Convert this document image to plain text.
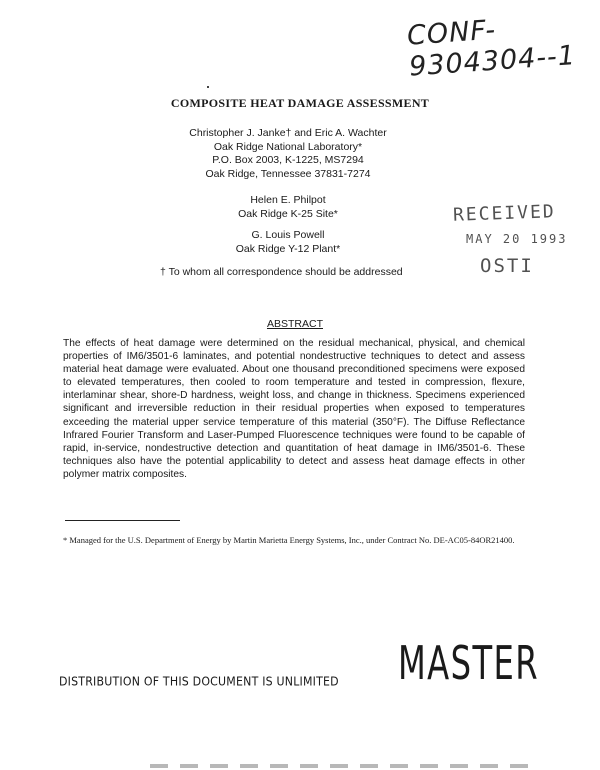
CONF-9304304--1
COMPOSITE HEAT DAMAGE ASSESSMENT
Christopher J. Janke† and Eric A. Wachter
Oak Ridge National Laboratory*
P.O. Box 2003, K-1225, MS7294
Oak Ridge, Tennessee 37831-7274
Helen E. Philpot
Oak Ridge K-25 Site*
G. Louis Powell
Oak Ridge Y-12 Plant*
RECEIVED
MAY 20 1993
OSTI
† To whom all correspondence should be addressed
ABSTRACT

The effects of heat damage were determined on the residual mechanical, physical, and chemical properties of IM6/3501-6 laminates, and potential nondestructive techniques to detect and assess material heat damage were evaluated. About one thousand preconditioned specimens were exposed to elevated temperatures, then cooled to room temperature and tested in compression, flexure, interlaminar shear, shore-D hardness, weight loss, and change in thickness. Specimens experienced significant and irreversible reduction in their residual properties when exposed to temperatures exceeding the material upper service temperature of this material (350°F). The Diffuse Reflectance Infrared Fourier Transform and Laser-Pumped Fluorescence techniques were found to be capable of rapid, in-service, nondestructive detection and quantitation of heat damage in IM6/3501-6. These techniques also have the potential applicability to detect and assess heat damage effects in other polymer matrix composites.

* Managed for the U.S. Department of Energy by Martin Marietta Energy Systems, Inc., under Contract No. DE-AC05-84OR21400.
DISTRIBUTION OF THIS DOCUMENT IS UNLIMITED MASTER
